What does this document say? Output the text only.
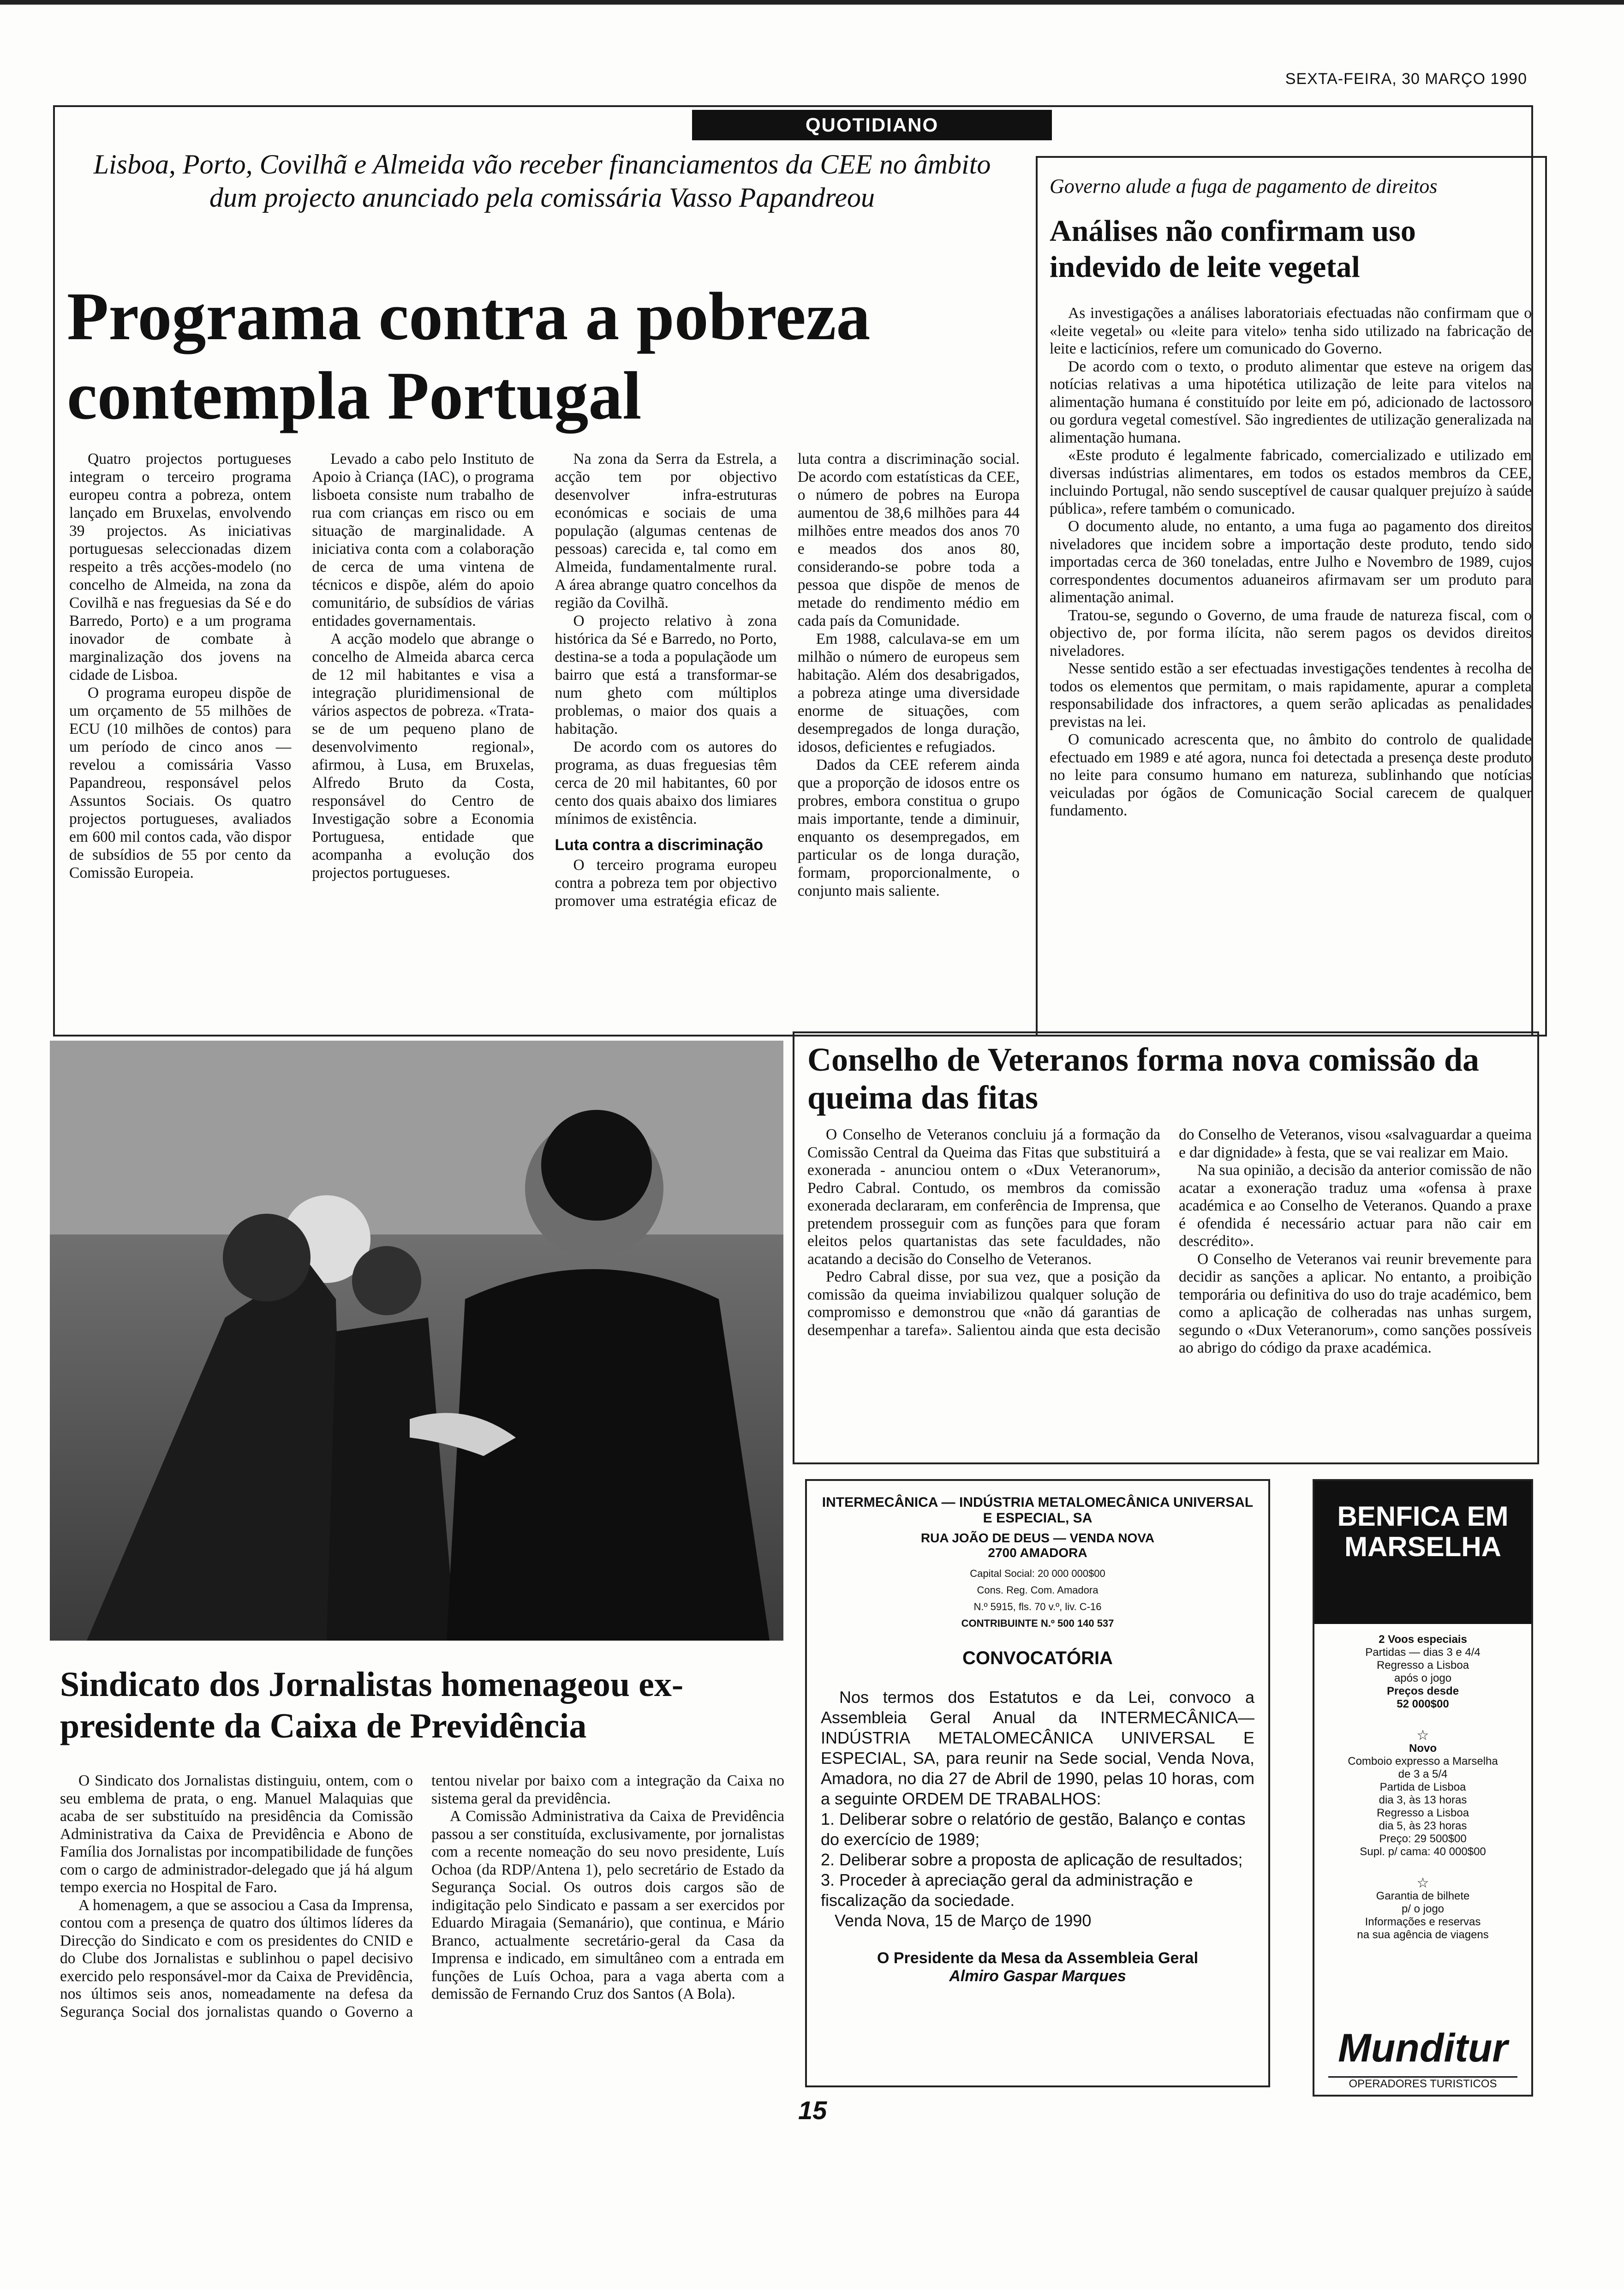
SEXTA-FEIRA, 30 MARÇO 1990
QUOTIDIANO
Lisboa, Porto, Covilhã e Almeida vão receber financiamentos da CEE no âmbito dum projecto anunciado pela comissária Vasso Papandreou
Programa contra a pobreza contempla Portugal

Quatro projectos portugueses integram o terceiro programa europeu contra a pobreza, ontem lançado em Bruxelas, envolvendo 39 projectos. As iniciativas portuguesas seleccionadas dizem respeito a três acções-modelo (no concelho de Almeida, na zona da Covilhã e nas freguesias da Sé e do Barredo, Porto) e a um programa inovador de combate à marginalização dos jovens na cidade de Lisboa.

O programa europeu dispõe de um orçamento de 55 milhões de ECU (10 milhões de contos) para um período de cinco anos — revelou a comissária Vasso Papandreou, responsável pelos Assuntos Sociais. Os quatro projectos portugueses, avaliados em 600 mil contos cada, vão dispor de subsídios de 55 por cento da Comissão Europeia.

Levado a cabo pelo Instituto de Apoio à Criança (IAC), o programa lisboeta consiste num trabalho de rua com crianças em risco ou em situação de marginalidade. A iniciativa conta com a colaboração de cerca de uma vintena de técnicos e dispõe, além do apoio comunitário, de subsídios de várias entidades governamentais.

A acção modelo que abrange o concelho de Almeida abarca cerca de 12 mil habitantes e visa a integração pluridimensional de vários aspectos de pobreza. «Trata-se de um pequeno plano de desenvolvimento regional», afirmou, à Lusa, em Bruxelas, Alfredo Bruto da Costa, responsável do Centro de Investigação sobre a Economia Portuguesa, entidade que acompanha a evolução dos projectos portugueses.

Na zona da Serra da Estrela, a acção tem por objectivo desenvolver infra-estruturas económicas e sociais de uma população (algumas centenas de pessoas) carecida e, tal como em Almeida, fundamentalmente rural. A área abrange quatro concelhos da região da Covilhã.

O projecto relativo à zona histórica da Sé e Barredo, no Porto, destina-se a toda a populaçãode um bairro que está a transformar-se num gheto com múltiplos problemas, o maior dos quais a habitação.

De acordo com os autores do programa, as duas freguesias têm cerca de 20 mil habitantes, 60 por cento dos quais abaixo dos limiares mínimos de existência.

Luta contra a discriminação

O terceiro programa europeu contra a pobreza tem por objectivo promover uma estratégia eficaz de luta contra a discriminação social. De acordo com estatísticas da CEE, o número de pobres na Europa aumentou de 38,6 milhões para 44 milhões entre meados dos anos 70 e meados dos anos 80, considerando-se pobre toda a pessoa que dispõe de menos de metade do rendimento médio em cada país da Comunidade.

Em 1988, calculava-se em um milhão o número de europeus sem habitação. Além dos desabrigados, a pobreza atinge uma diversidade enorme de situações, com desempregados de longa duração, idosos, deficientes e refugiados.

Dados da CEE referem ainda que a proporção de idosos entre os probres, embora constitua o grupo mais importante, tende a diminuir, enquanto os desempregados, em particular os de longa duração, formam, proporcionalmente, o conjunto mais saliente.

Governo alude a fuga de pagamento de direitos
Análises não confirmam uso indevido de leite vegetal

As investigações a análises laboratoriais efectuadas não confirmam que o «leite vegetal» ou «leite para vitelo» tenha sido utilizado na fabricação de leite e lacticínios, refere um comunicado do Governo.

De acordo com o texto, o produto alimentar que esteve na origem das notícias relativas a uma hipotética utilização de leite para vitelos na alimentação humana é constituído por leite em pó, adicionado de lactossoro ou gordura vegetal comestível. São ingredientes de utilização generalizada na alimentação humana.

«Este produto é legalmente fabricado, comercializado e utilizado em diversas indústrias alimentares, em todos os estados membros da CEE, incluindo Portugal, não sendo susceptível de causar qualquer prejuízo à saúde pública», refere também o comunicado.

O documento alude, no entanto, a uma fuga ao pagamento dos direitos niveladores que incidem sobre a importação deste produto, tendo sido importadas cerca de 360 toneladas, entre Julho e Novembro de 1989, cujos correspondentes documentos aduaneiros afirmavam ser um produto para alimentação animal.

Tratou-se, segundo o Governo, de uma fraude de natureza fiscal, com o objectivo de, por forma ilícita, não serem pagos os devidos direitos niveladores.

Nesse sentido estão a ser efectuadas investigações tendentes à recolha de todos os elementos que permitam, o mais rapidamente, apurar a completa responsabilidade dos infractores, a quem serão aplicadas as penalidades previstas na lei.

O comunicado acrescenta que, no âmbito do controlo de qualidade efectuado em 1989 e até agora, nunca foi detectada a presença deste produto no leite para consumo humano em natureza, sublinhando que notícias veiculadas por ógãos de Comunicação Social carecem de qualquer fundamento.

Conselho de Veteranos forma nova comissão da queima das fitas

O Conselho de Veteranos concluiu já a formação da Comissão Central da Queima das Fitas que substituirá a exonerada - anunciou ontem o «Dux Veteranorum», Pedro Cabral. Contudo, os membros da comissão exonerada declararam, em conferência de Imprensa, que pretendem prosseguir com as funções para que foram eleitos pelos quartanistas das sete faculdades, não acatando a decisão do Conselho de Veteranos.

Pedro Cabral disse, por sua vez, que a posição da comissão da queima inviabilizou qualquer solução de compromisso e demonstrou que «não dá garantias de desempenhar a tarefa». Salientou ainda que esta decisão do Conselho de Veteranos, visou «salvaguardar a queima e dar dignidade» à festa, que se vai realizar em Maio.

Na sua opinião, a decisão da anterior comissão de não acatar a exoneração traduz uma «ofensa à praxe académica e ao Conselho de Veteranos. Quando a praxe é ofendida é necessário actuar para não cair em descrédito».

O Conselho de Veteranos vai reunir brevemente para decidir as sanções a aplicar. No entanto, a proibição temporária ou definitiva do uso do traje académico, bem como a aplicação de colheradas nas unhas surgem, segundo o «Dux Veteranorum», como sanções possíveis ao abrigo do código da praxe académica.

Sindicato dos Jornalistas homenageou ex-presidente da Caixa de Previdência

O Sindicato dos Jornalistas distinguiu, ontem, com o seu emblema de prata, o eng. Manuel Malaquias que acaba de ser substituído na presidência da Comissão Administrativa da Caixa de Previdência e Abono de Família dos Jornalistas por incompatibilidade de funções com o cargo de administrador-delegado que já há algum tempo exercia no Hospital de Faro.

A homenagem, a que se associou a Casa da Imprensa, contou com a presença de quatro dos últimos líderes da Direcção do Sindicato e com os presidentes do CNID e do Clube dos Jornalistas e sublinhou o papel decisivo exercido pelo responsável-mor da Caixa de Previdência, nos últimos seis anos, nomeadamente na defesa da Segurança Social dos jornalistas quando o Governo a tentou nivelar por baixo com a integração da Caixa no sistema geral da previdência.

A Comissão Administrativa da Caixa de Previdência passou a ser constituída, exclusivamente, por jornalistas com a recente nomeação do seu novo presidente, Luís Ochoa (da RDP/Antena 1), pelo secretário de Estado da Segurança Social. Os outros dois cargos são de indigitação pelo Sindicato e passam a ser exercidos por Eduardo Miragaia (Semanário), que continua, e Mário Branco, actualmente secretário-geral da Casa da Imprensa e indicado, em simultâneo com a entrada em funções de Luís Ochoa, para a vaga aberta com a demissão de Fernando Cruz dos Santos (A Bola).

INTERMECÂNICA — INDÚSTRIA METALOMECÂNICA UNIVERSAL E ESPECIAL, SA
RUA JOÃO DE DEUS — VENDA NOVA
2700 AMADORA
Capital Social: 20 000 000$00
Cons. Reg. Com. Amadora
N.º 5915, fls. 70 v.º, liv. C-16
CONTRIBUINTE N.º 500 140 537
CONVOCATÓRIA
Nos termos dos Estatutos e da Lei, convoco a Assembleia Geral Anual da INTERMECÂNICA—INDÚSTRIA METALOMECÂNICA UNIVERSAL E ESPECIAL, SA, para reunir na Sede social, Venda Nova, Amadora, no dia 27 de Abril de 1990, pelas 10 horas, com a seguinte ORDEM DE TRABALHOS:
1. Deliberar sobre o relatório de gestão, Balanço e contas do exercício de 1989;
2. Deliberar sobre a proposta de aplicação de resultados;
3. Proceder à apreciação geral da administração e fiscalização da sociedade.
Venda Nova, 15 de Março de 1990
O Presidente da Mesa da Assembleia Geral
Almiro Gaspar Marques
BENFICA EM MARSELHA
2 Voos especiais
Partidas — dias 3 e 4/4
Regresso a Lisboa
após o jogo
Preços desde
52 000$00
☆
Novo
Comboio expresso a Marselha
de 3 a 5/4
Partida de Lisboa
dia 3, às 13 horas
Regresso a Lisboa
dia 5, às 23 horas
Preço: 29 500$00
Supl. p/ cama: 40 000$00
☆
Garantia de bilhete
p/ o jogo
Informações e reservas
na sua agência de viagens
Munditur
OPERADORES TURISTICOS
15
